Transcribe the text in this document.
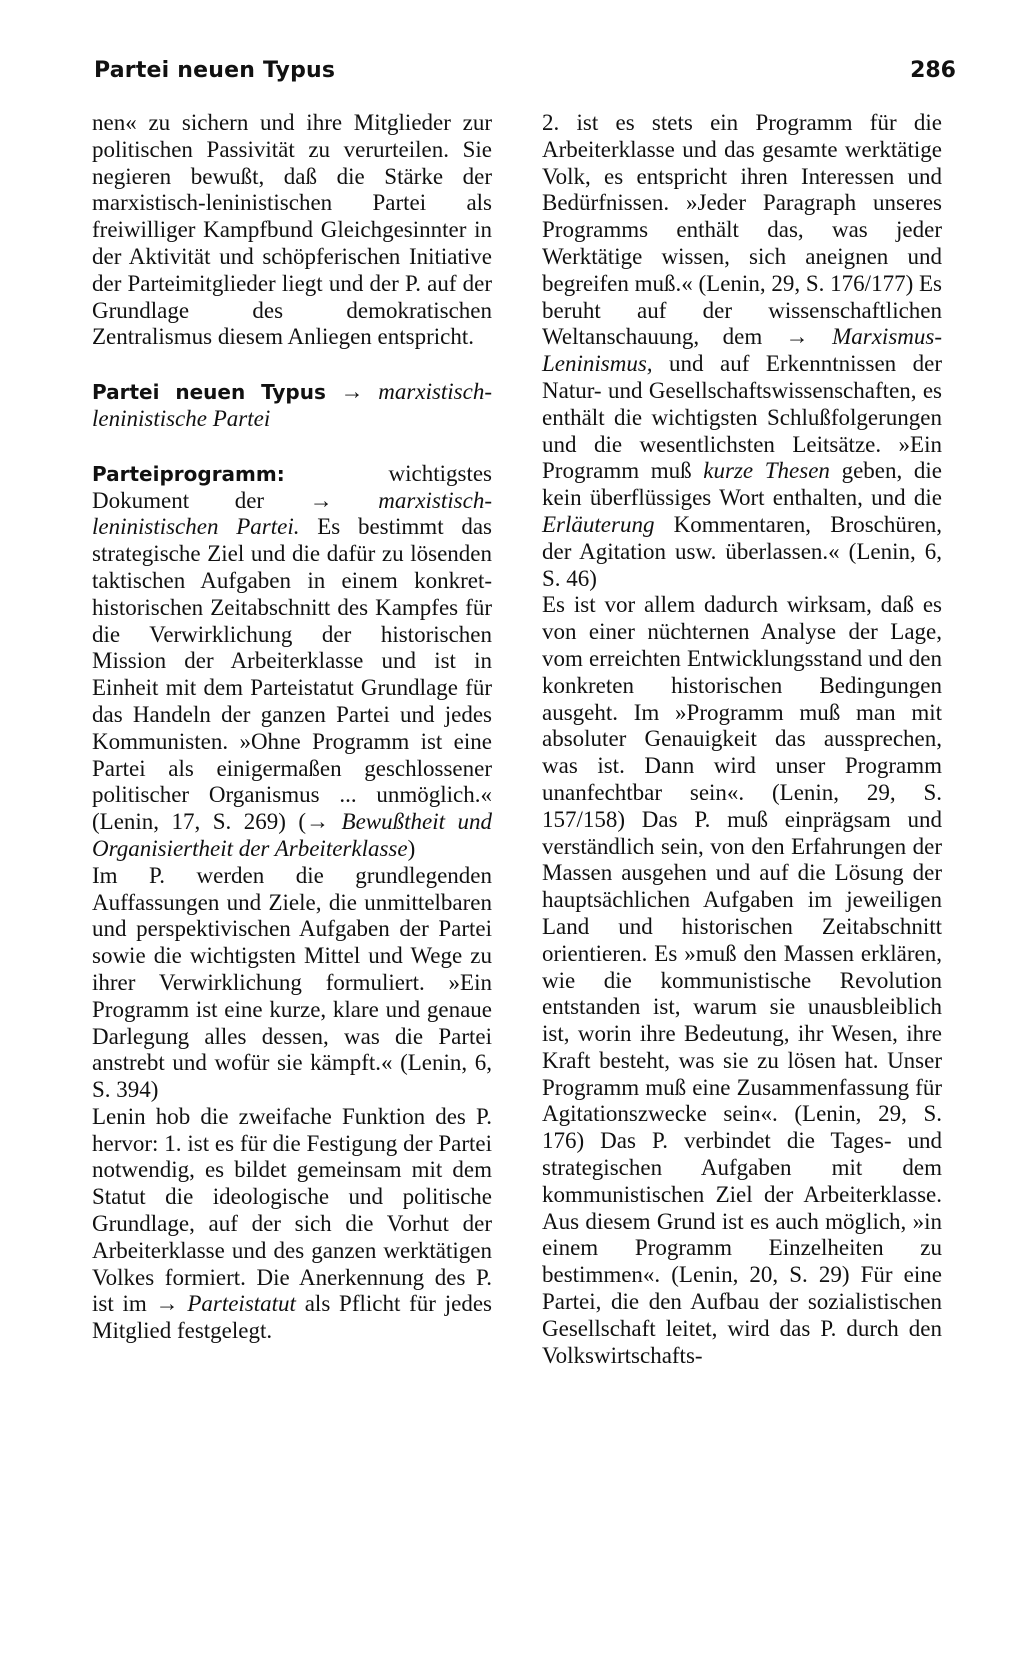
Partei neuen Typus	286

nen« zu sichern und ihre Mitglieder zur politischen Passivität zu verurteilen. Sie negieren bewußt, daß die Stärke der marxistisch-leninistischen Partei als freiwilliger Kampfbund Gleichgesinnter in der Aktivität und schöpferischen Initiative der Parteimitglieder liegt und der P. auf der Grundlage des demokratischen Zentralismus diesem Anliegen entspricht.

Partei neuen Typus → marxistisch-leninistische Partei

Parteiprogramm: wichtigstes Dokument der → marxistisch-leninistischen Partei. Es bestimmt das strategische Ziel und die dafür zu lösenden taktischen Aufgaben in einem konkret-historischen Zeitabschnitt des Kampfes für die Verwirklichung der historischen Mission der Arbeiterklasse und ist in Einheit mit dem Parteistatut Grundlage für das Handeln der ganzen Partei und jedes Kommunisten. »Ohne Programm ist eine Partei als einigermaßen geschlossener politischer Organismus ... unmöglich.« (Lenin, 17, S. 269) (→ Bewußtheit und Organisiertheit der Arbeiterklasse)

Im P. werden die grundlegenden Auffassungen und Ziele, die unmittelbaren und perspektivischen Aufgaben der Partei sowie die wichtigsten Mittel und Wege zu ihrer Verwirklichung formuliert. »Ein Programm ist eine kurze, klare und genaue Darlegung alles dessen, was die Partei anstrebt und wofür sie kämpft.« (Lenin, 6, S. 394)

Lenin hob die zweifache Funktion des P. hervor: 1. ist es für die Festigung der Partei notwendig, es bildet gemeinsam mit dem Statut die ideologische und politische Grundlage, auf der sich die Vorhut der Arbeiterklasse und des ganzen werktätigen Volkes formiert. Die Anerkennung des P. ist im → Parteistatut als Pflicht für jedes Mitglied festgelegt.

2. ist es stets ein Programm für die Arbeiterklasse und das gesamte werktätige Volk, es entspricht ihren Interessen und Bedürfnissen. »Jeder Paragraph unseres Programms enthält das, was jeder Werktätige wissen, sich aneignen und begreifen muß.« (Lenin, 29, S. 176/177) Es beruht auf der wissenschaftlichen Weltanschauung, dem → Marxismus-Leninismus, und auf Erkenntnissen der Natur- und Gesellschaftswissenschaften, es enthält die wichtigsten Schlußfolgerungen und die wesentlichsten Leitsätze. »Ein Programm muß kurze Thesen geben, die kein überflüssiges Wort enthalten, und die Erläuterung Kommentaren, Broschüren, der Agitation usw. überlassen.« (Lenin, 6, S. 46)

Es ist vor allem dadurch wirksam, daß es von einer nüchternen Analyse der Lage, vom erreichten Entwicklungsstand und den konkreten historischen Bedingungen ausgeht. Im »Programm muß man mit absoluter Genauigkeit das aussprechen, was ist. Dann wird unser Programm unanfechtbar sein«. (Lenin, 29, S. 157/158) Das P. muß einprägsam und verständlich sein, von den Erfahrungen der Massen ausgehen und auf die Lösung der hauptsächlichen Aufgaben im jeweiligen Land und historischen Zeitabschnitt orientieren. Es »muß den Massen erklären, wie die kommunistische Revolution entstanden ist, warum sie unausbleiblich ist, worin ihre Bedeutung, ihr Wesen, ihre Kraft besteht, was sie zu lösen hat. Unser Programm muß eine Zusammenfassung für Agitationszwecke sein«. (Lenin, 29, S. 176) Das P. verbindet die Tages- und strategischen Aufgaben mit dem kommunistischen Ziel der Arbeiterklasse. Aus diesem Grund ist es auch möglich, »in einem Programm Einzelheiten zu bestimmen«. (Lenin, 20, S. 29) Für eine Partei, die den Aufbau der sozialistischen Gesellschaft leitet, wird das P. durch den Volkswirtschafts-
